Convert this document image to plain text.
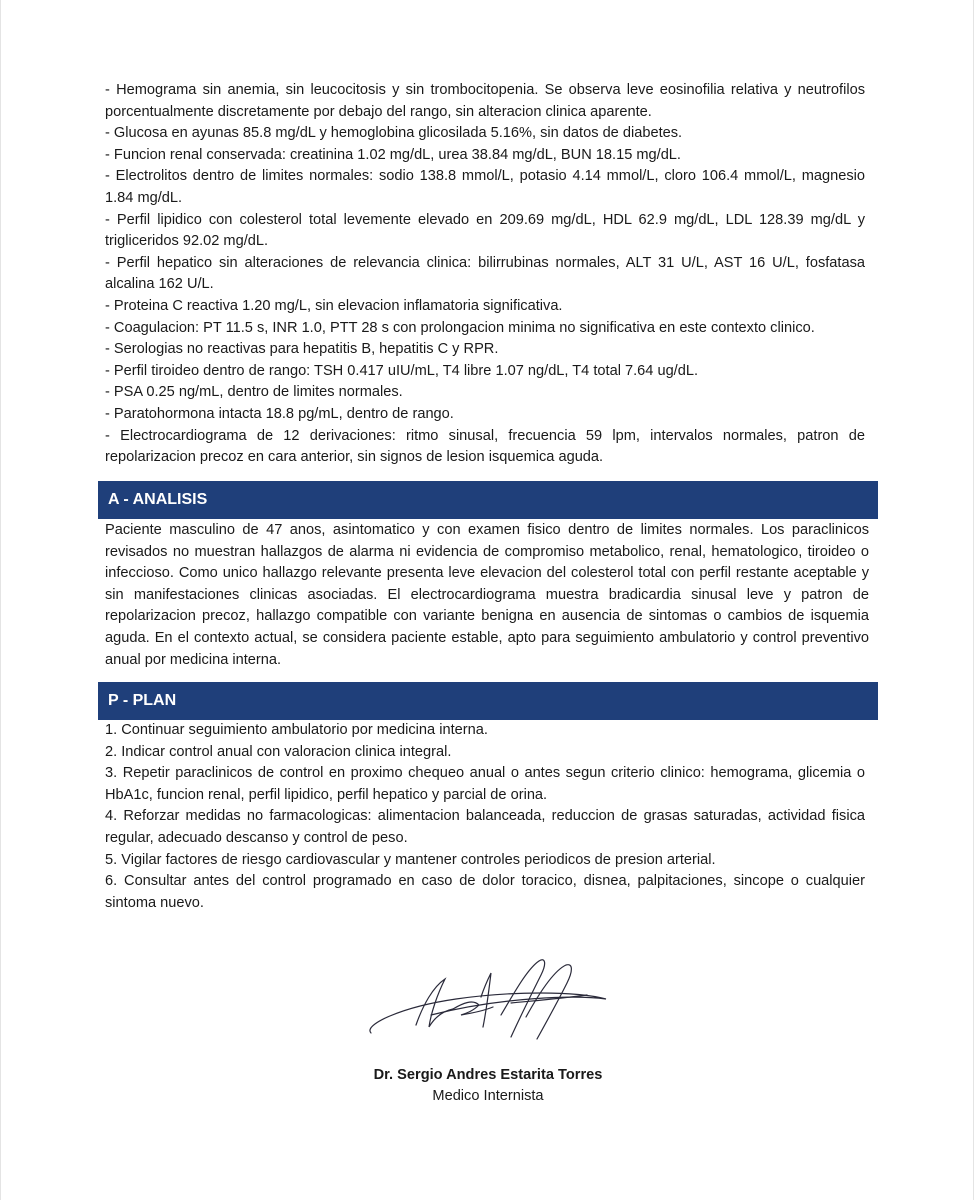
- Hemograma sin anemia, sin leucocitosis y sin trombocitopenia. Se observa leve eosinofilia relativa y neutrofilos porcentualmente discretamente por debajo del rango, sin alteracion clinica aparente.

- Glucosa en ayunas 85.8 mg/dL y hemoglobina glicosilada 5.16%, sin datos de diabetes.

- Funcion renal conservada: creatinina 1.02 mg/dL, urea 38.84 mg/dL, BUN 18.15 mg/dL.

- Electrolitos dentro de limites normales: sodio 138.8 mmol/L, potasio 4.14 mmol/L, cloro 106.4 mmol/L, magnesio 1.84 mg/dL.

- Perfil lipidico con colesterol total levemente elevado en 209.69 mg/dL, HDL 62.9 mg/dL, LDL 128.39 mg/dL y trigliceridos 92.02 mg/dL.

- Perfil hepatico sin alteraciones de relevancia clinica: bilirrubinas normales, ALT 31 U/L, AST 16 U/L, fosfatasa alcalina 162 U/L.

- Proteina C reactiva 1.20 mg/L, sin elevacion inflamatoria significativa.

- Coagulacion: PT 11.5 s, INR 1.0, PTT 28 s con prolongacion minima no significativa en este contexto clinico.

- Serologias no reactivas para hepatitis B, hepatitis C y RPR.

- Perfil tiroideo dentro de rango: TSH 0.417 uIU/mL, T4 libre 1.07 ng/dL, T4 total 7.64 ug/dL.

- PSA 0.25 ng/mL, dentro de limites normales.

- Paratohormona intacta 18.8 pg/mL, dentro de rango.

- Electrocardiograma de 12 derivaciones: ritmo sinusal, frecuencia 59 lpm, intervalos normales, patron de repolarizacion precoz en cara anterior, sin signos de lesion isquemica aguda.

A - ANALISIS

Paciente masculino de 47 anos, asintomatico y con examen fisico dentro de limites normales. Los paraclinicos revisados no muestran hallazgos de alarma ni evidencia de compromiso metabolico, renal, hematologico, tiroideo o infeccioso. Como unico hallazgo relevante presenta leve elevacion del colesterol total con perfil restante aceptable y sin manifestaciones clinicas asociadas. El electrocardiograma muestra bradicardia sinusal leve y patron de repolarizacion precoz, hallazgo compatible con variante benigna en ausencia de sintomas o cambios de isquemia aguda. En el contexto actual, se considera paciente estable, apto para seguimiento ambulatorio y control preventivo anual por medicina interna.

P - PLAN

1. Continuar seguimiento ambulatorio por medicina interna.

2. Indicar control anual con valoracion clinica integral.

3. Repetir paraclinicos de control en proximo chequeo anual o antes segun criterio clinico: hemograma, glicemia o HbA1c, funcion renal, perfil lipidico, perfil hepatico y parcial de orina.

4. Reforzar medidas no farmacologicas: alimentacion balanceada, reduccion de grasas saturadas, actividad fisica regular, adecuado descanso y control de peso.

5. Vigilar factores de riesgo cardiovascular y mantener controles periodicos de presion arterial.

6. Consultar antes del control programado en caso de dolor toracico, disnea, palpitaciones, sincope o cualquier sintoma nuevo.

Dr. Sergio Andres Estarita Torres
Medico Internista
